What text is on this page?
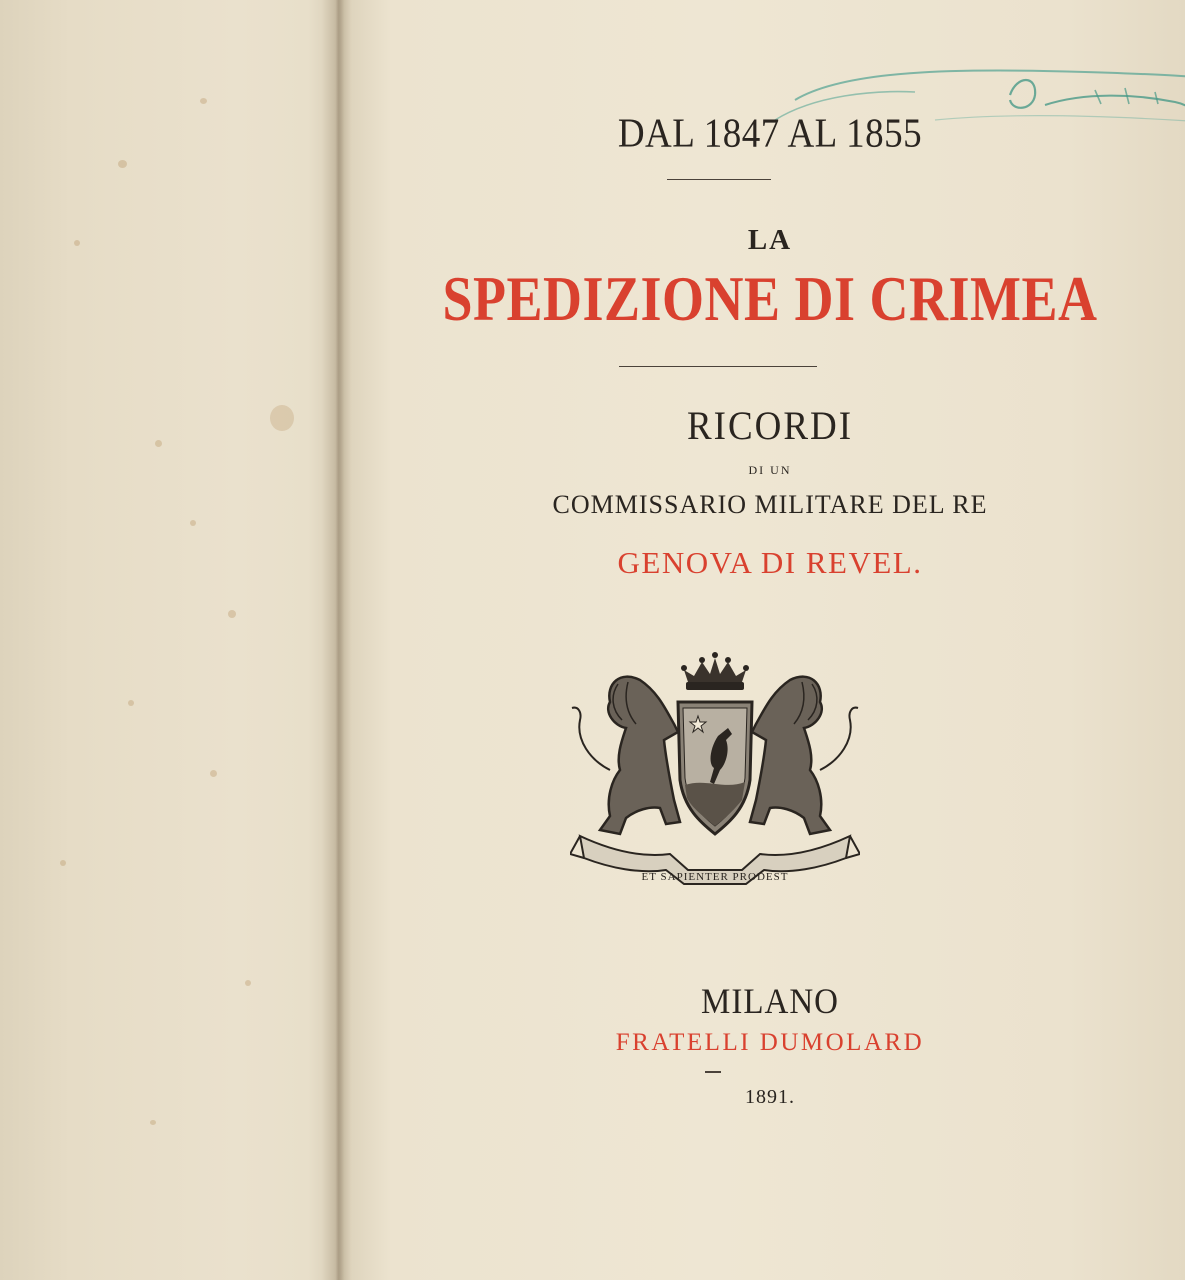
DAL 1847 AL 1855
LA
SPEDIZIONE DI CRIMEA
RICORDI
DI UN
COMMISSARIO MILITARE DEL RE
GENOVA DI REVEL.
ET SAPIENTER PRODEST
MILANO
FRATELLI DUMOLARD
1891.
